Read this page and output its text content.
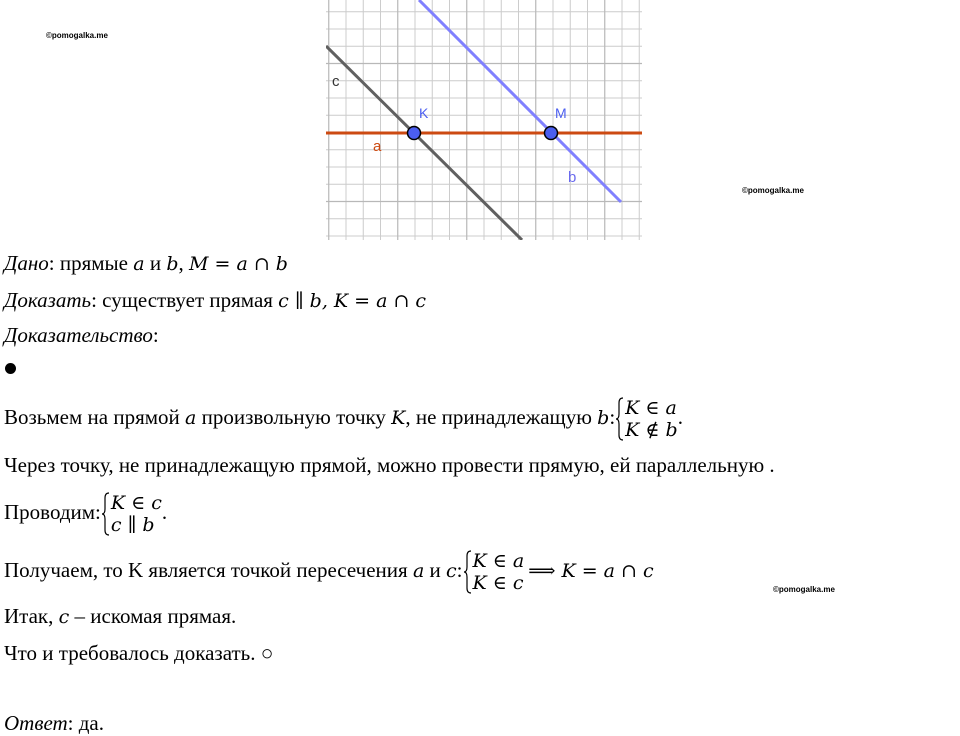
©pomogalka.me
©pomogalka.me
©pomogalka.me
c
a
b
K	M
Дано: прямые a и b, M = a ∩ b
Доказать: существует прямая c ∥ b, K = a ∩ c
Доказательство:
Возьмем на прямой a произвольную точку K, не принадлежащую b: K ∈ a
K ∉ b
.
Через точку, не принадлежащую прямой, можно провести прямую, ей параллельную .
Проводим: K ∈ c
c ∥ b
.
Получаем, то K является точкой пересечения a и c: K ∈ a
K ∈ c
⟹ K = a ∩ c
Итак, c – искомая прямая.
Что и требовалось доказать. ○
Ответ: да.
